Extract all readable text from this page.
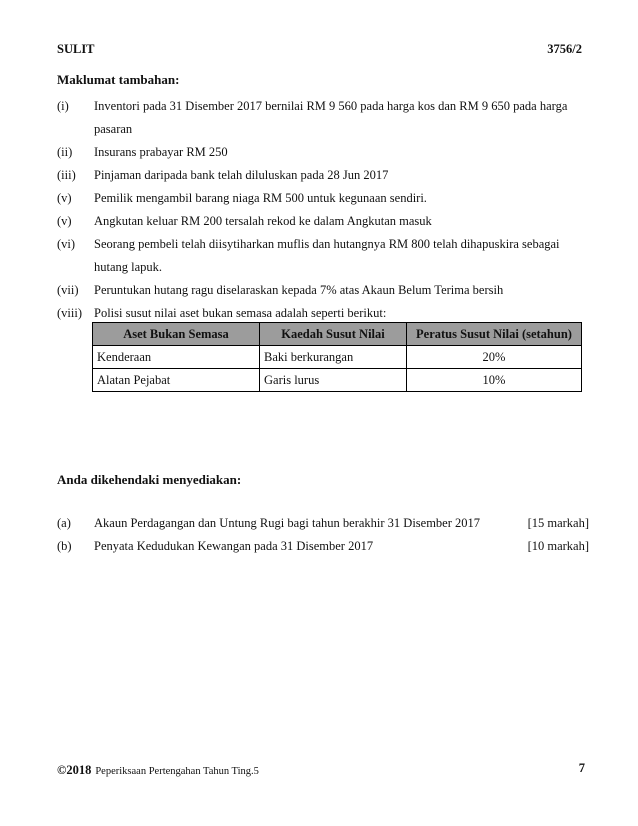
SULIT	3756/2
Maklumat tambahan:
(i)	Inventori pada 31 Disember 2017 bernilai RM 9 560 pada harga kos dan RM 9 650 pada harga pasaran
(ii)	Insurans prabayar RM 250
(iii)	Pinjaman daripada bank telah diluluskan pada 28 Jun 2017
(v)	Pemilik mengambil barang niaga RM 500 untuk kegunaan sendiri.
(v)	Angkutan keluar RM 200 tersalah rekod ke dalam Angkutan masuk
(vi)	Seorang pembeli telah diisytiharkan muflis dan hutangnya RM 800 telah dihapuskira sebagai hutang lapuk.
(vii)	Peruntukan hutang ragu diselaraskan kepada 7% atas Akaun Belum Terima bersih
(viii) Polisi susut nilai aset bukan semasa adalah seperti berikut:
Aset Bukan Semasa	Kaedah Susut Nilai	Peratus Susut Nilai (setahun)
Kenderaan	Baki berkurangan	20%
Alatan Pejabat	Garis lurus	10%
Anda dikehendaki menyediakan:
(a) Akaun Perdagangan dan Untung Rugi bagi tahun berakhir 31 Disember 2017	[15 markah]
(b) Penyata Kedudukan Kewangan pada 31 Disember 2017	[10 markah]
©2018 Peperiksaan Pertengahan Tahun Ting.5	7
